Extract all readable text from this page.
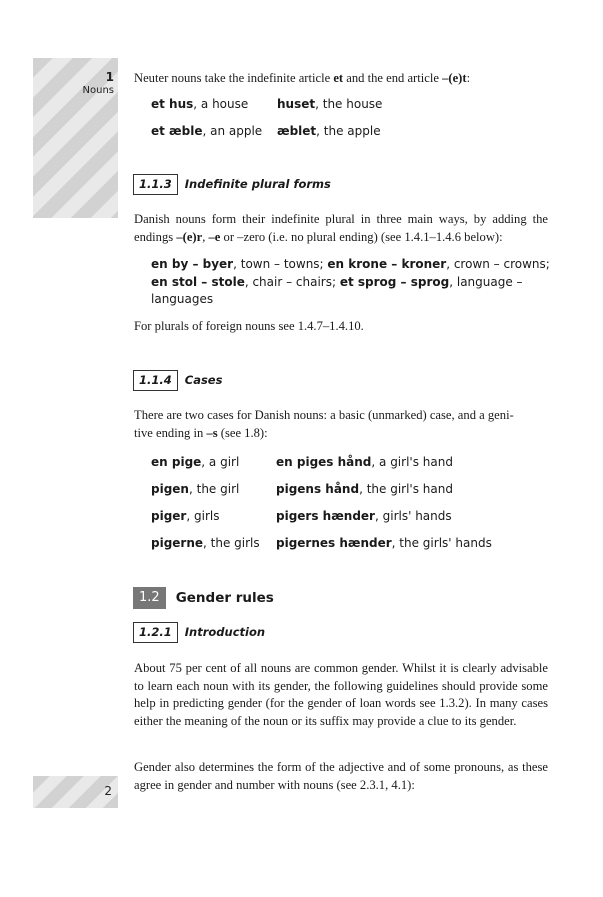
1
Nouns
2

Neuter nouns take the indefinite article et and the end article –(e)t:

et hus, a house huset, the house
et æble, an apple æblet, the apple
1.1.3 Indefinite plural forms

Danish nouns form their indefinite plural in three main ways, by adding the endings –(e)r, –e or –zero (i.e. no plural ending) (see 1.4.1–1.4.6 below):

en by – byer, town – towns; en krone – kroner, crown – crowns;
en stol – stole, chair – chairs; et sprog – sprog, language –
languages

For plurals of foreign nouns see 1.4.7–1.4.10.

1.1.4 Cases

There are two cases for Danish nouns: a basic (unmarked) case, and a geni-
tive ending in –s (see 1.8):

en pige, a girl	en piges hånd, a girl's hand
pigen, the girl	pigens hånd, the girl's hand
piger, girls	pigers hænder, girls' hands
pigerne, the girls pigernes hænder, the girls' hands
1.2 Gender rules
1.2.1 Introduction

About 75 per cent of all nouns are common gender. Whilst it is clearly advisable to learn each noun with its gender, the following guidelines should provide some help in predicting gender (for the gender of loan words see 1.3.2). In many cases either the meaning of the noun or its suffix may provide a clue to its gender.

Gender also determines the form of the adjective and of some pronouns, as these agree in gender and number with nouns (see 2.3.1, 4.1):
